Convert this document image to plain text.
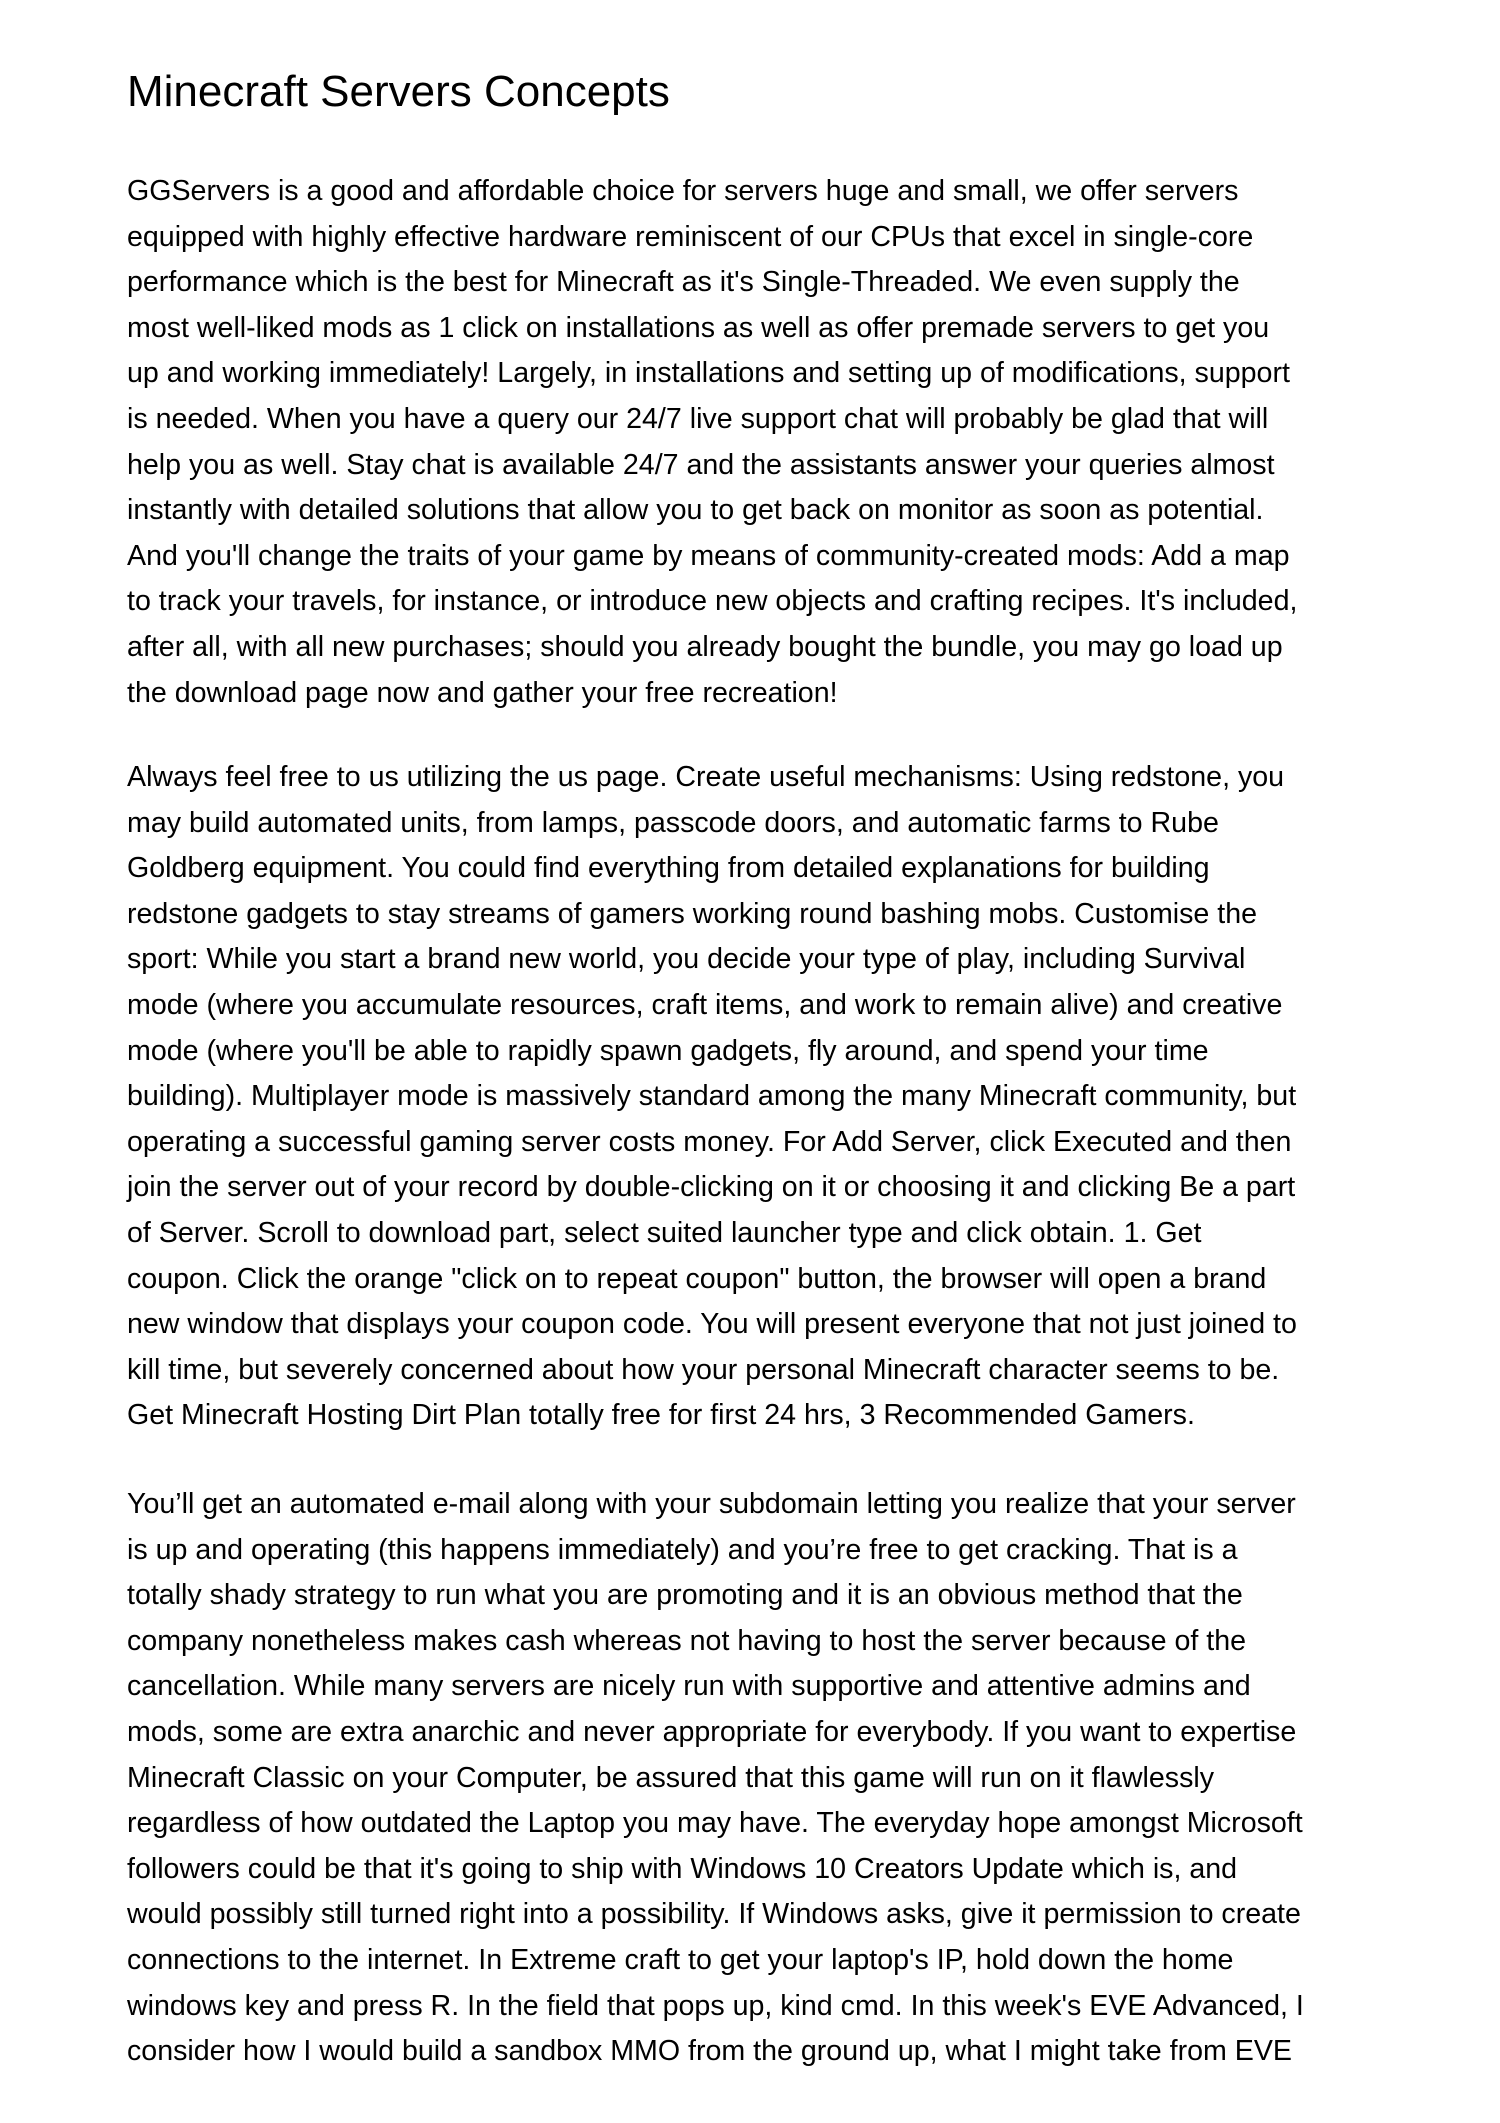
Minecraft Servers Concepts

GGServers is a good and affordable choice for servers huge and small, we offer servers
equipped with highly effective hardware reminiscent of our CPUs that excel in single-core
performance which is the best for Minecraft as it's Single-Threaded. We even supply the
most well-liked mods as 1 click on installations as well as offer premade servers to get you
up and working immediately! Largely, in installations and setting up of modifications, support
is needed. When you have a query our 24/7 live support chat will probably be glad that will
help you as well. Stay chat is available 24/7 and the assistants answer your queries almost
instantly with detailed solutions that allow you to get back on monitor as soon as potential.
And you'll change the traits of your game by means of community-created mods: Add a map
to track your travels, for instance, or introduce new objects and crafting recipes. It's included,
after all, with all new purchases; should you already bought the bundle, you may go load up
the download page now and gather your free recreation!

Always feel free to us utilizing the us page. Create useful mechanisms: Using redstone, you
may build automated units, from lamps, passcode doors, and automatic farms to Rube
Goldberg equipment. You could find everything from detailed explanations for building
redstone gadgets to stay streams of gamers working round bashing mobs. Customise the
sport: While you start a brand new world, you decide your type of play, including Survival
mode (where you accumulate resources, craft items, and work to remain alive) and creative
mode (where you'll be able to rapidly spawn gadgets, fly around, and spend your time
building). Multiplayer mode is massively standard among the many Minecraft community, but
operating a successful gaming server costs money. For Add Server, click Executed and then
join the server out of your record by double-clicking on it or choosing it and clicking Be a part
of Server. Scroll to download part, select suited launcher type and click obtain. 1. Get
coupon. Click the orange "click on to repeat coupon" button, the browser will open a brand
new window that displays your coupon code. You will present everyone that not just joined to
kill time, but severely concerned about how your personal Minecraft character seems to be.
Get Minecraft Hosting Dirt Plan totally free for first 24 hrs, 3 Recommended Gamers.

You’ll get an automated e-mail along with your subdomain letting you realize that your server
is up and operating (this happens immediately) and you’re free to get cracking. That is a
totally shady strategy to run what you are promoting and it is an obvious method that the
company nonetheless makes cash whereas not having to host the server because of the
cancellation. While many servers are nicely run with supportive and attentive admins and
mods, some are extra anarchic and never appropriate for everybody. If you want to expertise
Minecraft Classic on your Computer, be assured that this game will run on it flawlessly
regardless of how outdated the Laptop you may have. The everyday hope amongst Microsoft
followers could be that it's going to ship with Windows 10 Creators Update which is, and
would possibly still turned right into a possibility. If Windows asks, give it permission to create
connections to the internet. In Extreme craft to get your laptop's IP, hold down the home
windows key and press R. In the field that pops up, kind cmd. In this week's EVE Advanced, I
consider how I would build a sandbox MMO from the ground up, what I might take from EVE
